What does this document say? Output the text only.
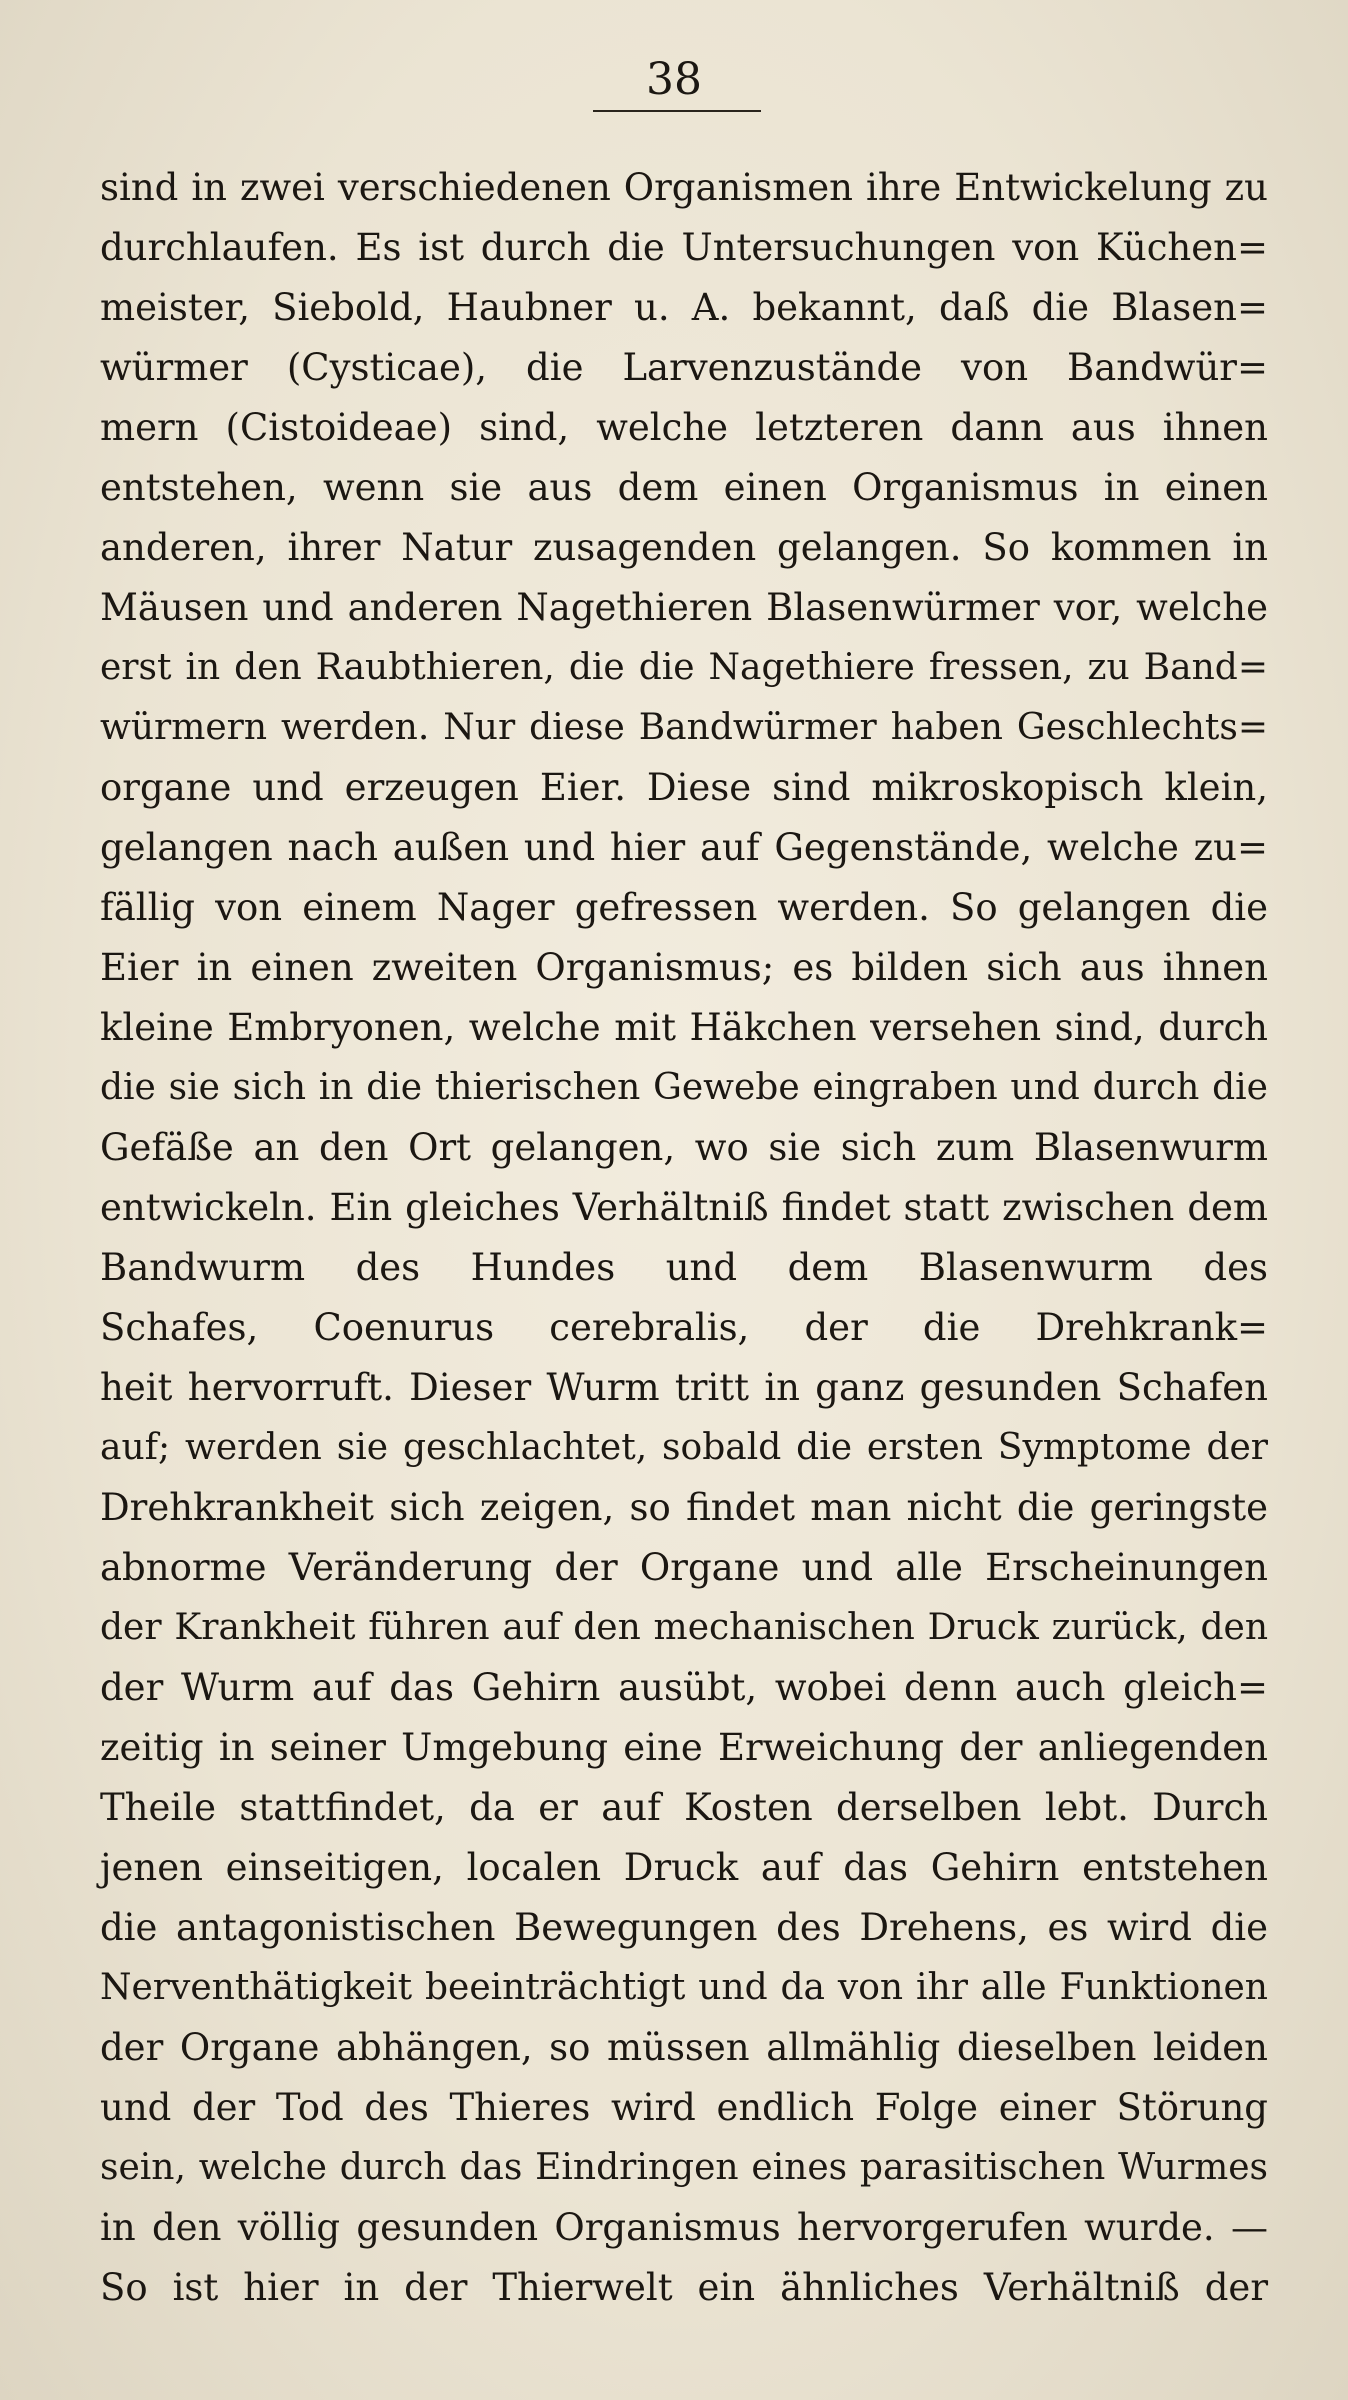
38
sind in zwei verschiedenen Organismen ihre Entwickelung zu
durchlaufen. Es ist durch die Untersuchungen von Küchen=
meister, Siebold, Haubner u. A. bekannt, daß die Blasen=
würmer (Cysticae), die Larvenzustände von Bandwür=
mern (Cistoideae) sind, welche letzteren dann aus ihnen
entstehen, wenn sie aus dem einen Organismus in einen
anderen, ihrer Natur zusagenden gelangen. So kommen in
Mäusen und anderen Nagethieren Blasenwürmer vor, welche
erst in den Raubthieren, die die Nagethiere fressen, zu Band=
würmern werden. Nur diese Bandwürmer haben Geschlechts=
organe und erzeugen Eier. Diese sind mikroskopisch klein,
gelangen nach außen und hier auf Gegenstände, welche zu=
fällig von einem Nager gefressen werden. So gelangen die
Eier in einen zweiten Organismus; es bilden sich aus ihnen
kleine Embryonen, welche mit Häkchen versehen sind, durch
die sie sich in die thierischen Gewebe eingraben und durch die
Gefäße an den Ort gelangen, wo sie sich zum Blasenwurm
entwickeln. Ein gleiches Verhältniß findet statt zwischen dem
Bandwurm des Hundes und dem Blasenwurm des
Schafes, Coenurus cerebralis, der die Drehkrank=
heit hervorruft. Dieser Wurm tritt in ganz gesunden Schafen
auf; werden sie geschlachtet, sobald die ersten Symptome der
Drehkrankheit sich zeigen, so findet man nicht die geringste
abnorme Veränderung der Organe und alle Erscheinungen
der Krankheit führen auf den mechanischen Druck zurück, den
der Wurm auf das Gehirn ausübt, wobei denn auch gleich=
zeitig in seiner Umgebung eine Erweichung der anliegenden
Theile stattfindet, da er auf Kosten derselben lebt. Durch
jenen einseitigen, localen Druck auf das Gehirn entstehen
die antagonistischen Bewegungen des Drehens, es wird die
Nerventhätigkeit beeinträchtigt und da von ihr alle Funktionen
der Organe abhängen, so müssen allmählig dieselben leiden
und der Tod des Thieres wird endlich Folge einer Störung
sein, welche durch das Eindringen eines parasitischen Wurmes
in den völlig gesunden Organismus hervorgerufen wurde. —
So ist hier in der Thierwelt ein ähnliches Verhältniß der
